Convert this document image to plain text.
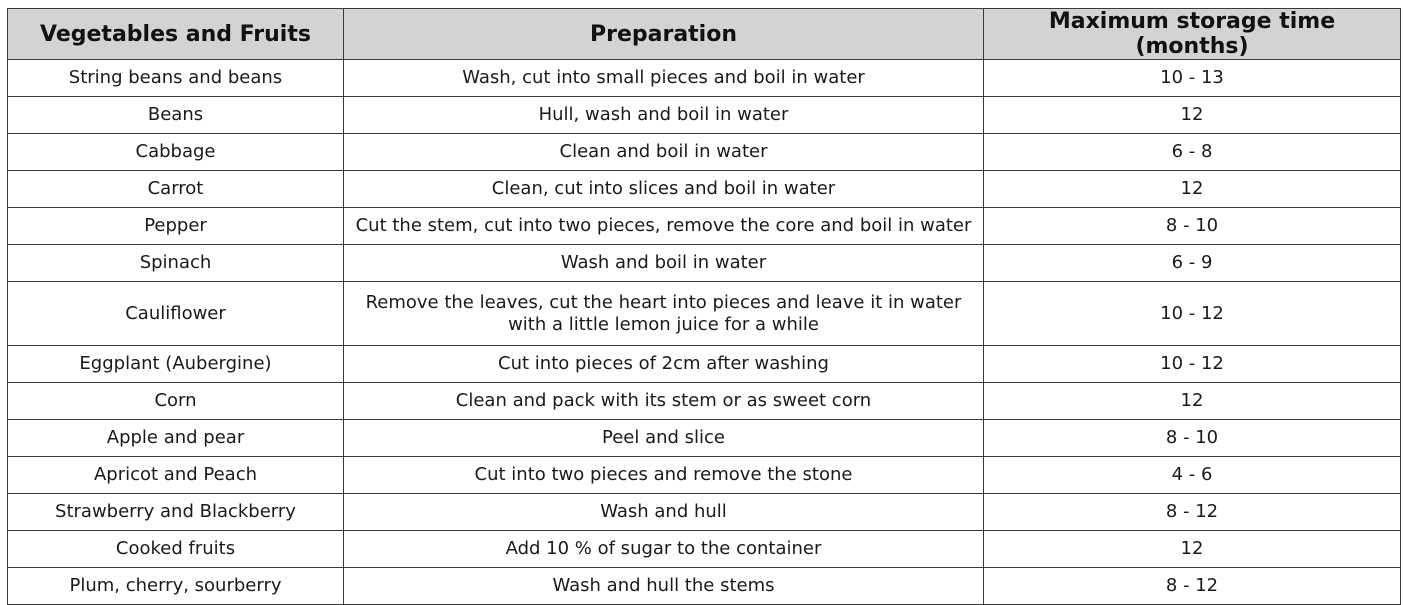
Vegetables and Fruits	Preparation	Maximum storage time (months)
String beans and beans	Wash, cut into small pieces and boil in water	10 - 13
Beans	Hull, wash and boil in water	12
Cabbage	Clean and boil in water	6 - 8
Carrot	Clean, cut into slices and boil in water	12
Pepper	Cut the stem, cut into two pieces, remove the core and boil in water	8 - 10
Spinach	Wash and boil in water	6 - 9
Cauliflower	Remove the leaves, cut the heart into pieces and leave it in water with a little lemon juice for a while	10 - 12
Eggplant (Aubergine)	Cut into pieces of 2cm after washing	10 - 12
Corn	Clean and pack with its stem or as sweet corn	12
Apple and pear	Peel and slice	8 - 10
Apricot and Peach	Cut into two pieces and remove the stone	4 - 6
Strawberry and Blackberry	Wash and hull	8 - 12
Cooked fruits	Add 10 % of sugar to the container	12
Plum, cherry, sourberry	Wash and hull the stems	8 - 12
